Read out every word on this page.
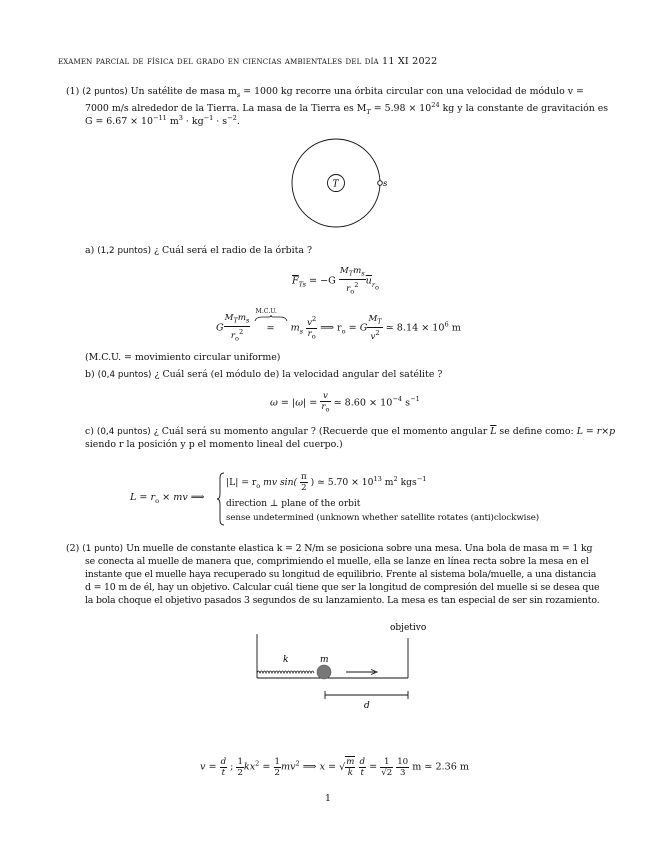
examen parcial de física del grado en ciencias ambientales del día 11 XI 2022
(1) (2 puntos) Un satélite de masa $m_s = 1000$ kg recorre una órbita circular con una velocidad de módulo v =
7000 m/s alrededor de la Tierra. La masa de la Tierra es $M_T = 5.98 \times 10^{24}$ kg y la constante de gravitación es
$G = 6.67 \times 10^{-11}$ $m^3 \cdot kg^{-1} \cdot s^{-2}$.
T	s
a) (1,2 puntos) ¿ Cuál será el radio de la órbita ?
$\overline{F}_{Ts} = -G \frac{M_Tm_s}{r_o^2} \overline{u}_{r_o}$
G $\frac{M_Tm_s}{r_o^2}$

M.C.U.
= $m_s \frac{v^2}{r_o}$ ⟹ $r_o = G \frac{M_T}{v^2}$ ≃ $8.14 \times 10^6$ m
(M.C.U. = movimiento circular uniforme)
b) (0,4 puntos) ¿ Cuál será (el módulo de) la velocidad angular del satélite ?
$\omega = |\omega| = \frac{v}{r_o}$ ≃ $8.60 \times 10^{-4}$ $s^{-1}$
c) (0,4 puntos) ¿ Cuál será su momento angular ? (Recuerde que el momento angular $\overline{L}$ se define como: L = r×p
siendo r la posición y p el momento lineal del cuerpo.)
$L = r_o$ × mv ⟹
$|L| = r_o$ mv $\sin( \frac{\pi}{2}$ ) ≃ $5.70 \times 10^{13}$ $m^2$ kgs$^{-1}$
direction ⊥ plane of the orbit
sense undetermined (unknown whether satellite rotates (anti)clockwise)
(2) (1 punto) Un muelle de constante elastica k = 2 N/m se posiciona sobre una mesa. Una bola de masa m = 1 kg
se conecta al muelle de manera que, comprimiendo el muelle, ella se lanze en línea recta sobre la mesa en el
instante que el muelle haya recuperado su longitud de equilibrio. Frente al sistema bola/muelle, a una distancia
d = 10 m de él, hay un objetivo. Calcular cuál tiene que ser la longitud de compresión del muelle si se desea que
la bola choque el objetivo pasados 3 segundos de su lanzamiento. La mesa es tan especial de ser sin rozamiento.
objetivo
k	m
d
$v = \frac{d}{t}$ ; $\frac{1}{2} kx^2 = \frac{1}{2} mv^2$ ⟹ x = √ $\frac{m}{k}$
$\frac{d}{t} = \frac{1}{√2}$
$\frac{10}{3}$ m ≃ 2.36 m
1
